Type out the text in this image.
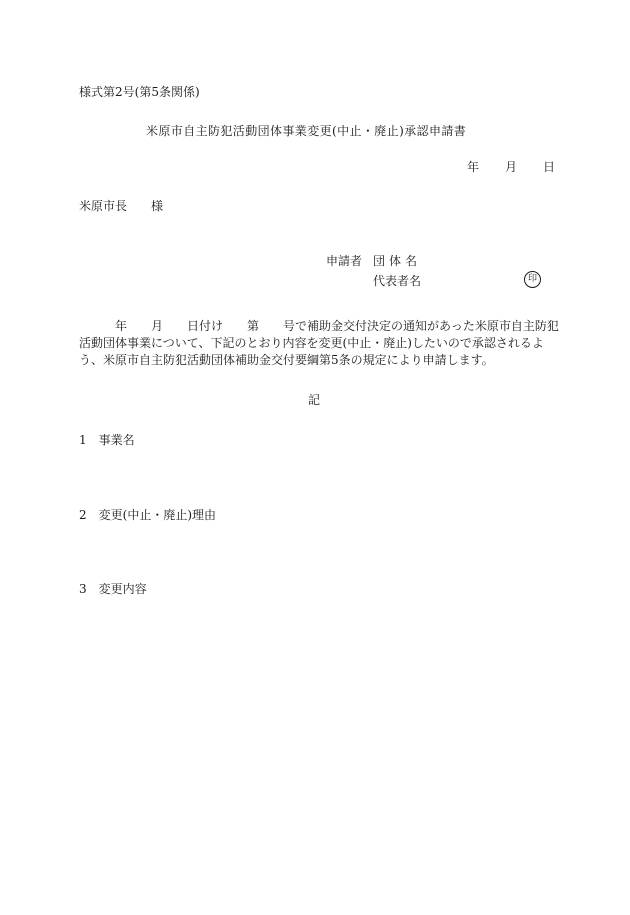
様式第2号(第5条関係)
米原市自主防犯活動団体事業変更(中止・廃止)承認申請書
年 月 日
米原市長　　様
申請者 団体名
代表者名	印
　　　年　　月　　日付け　　第　　号で補助金交付決定の通知があった米原市自主防犯
活動団体事業について、下記のとおり内容を変更(中止・廃止)したいので承認されるよ
う、米原市自主防犯活動団体補助金交付要綱第5条の規定により申請します。
記
1　事業名
2　変更(中止・廃止)理由
3　変更内容
